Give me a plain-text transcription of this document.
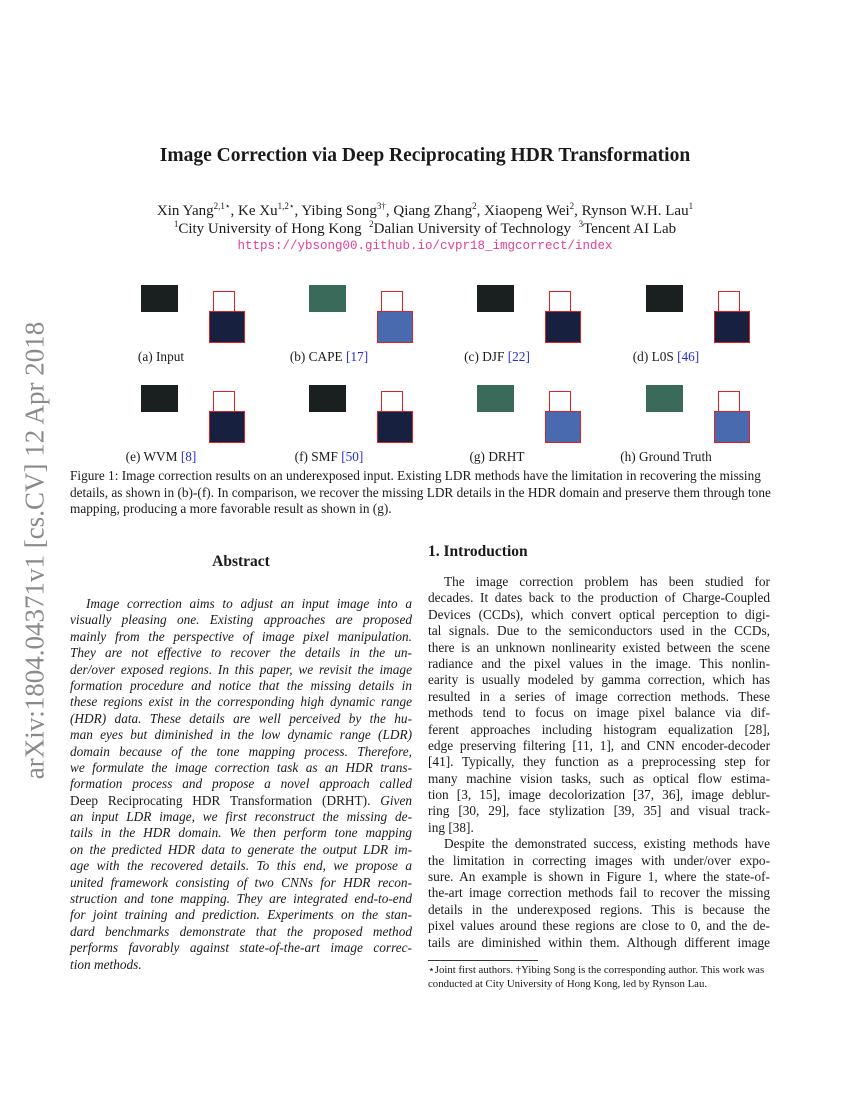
arXiv:1804.04371v1 [cs.CV] 12 Apr 2018
Image Correction via Deep Reciprocating HDR Transformation
Xin Yang$^{2,1⋆}$, Ke $Xu^{1,2⋆}$, Yibing Song$^{3\dagger}$, Qiang Zhang$^2$, Xiaopeng Wei$^2$, Rynson W.H. Lau$^1$
$^1$City University of Hong Kong $^2$Dalian University of Technology $^3$Tencent AI Lab
https://ybsong00.github.io/cvpr18_imgcorrect/index
(a) Input	(b) CAPE [17]	(c) DJF [22]	(d) L0S [46]
(e) WVM [8]	(f) SMF [50]	(g) DRHT	(h) Ground Truth
Figure 1: Image correction results on an underexposed input. Existing LDR methods have the limitation in recovering the missing details, as shown in (b)-(f). In comparison, we recover the missing LDR details in the HDR domain and preserve them through tone mapping, producing a more favorable result as shown in (g).
Abstract
Image correction aims to adjust an input image into a
visually pleasing one. Existing approaches are proposed
mainly from the perspective of image pixel manipulation.
They are not effective to recover the details in the un-
der/over exposed regions. In this paper, we revisit the image
formation procedure and notice that the missing details in
these regions exist in the corresponding high dynamic range
(HDR) data. These details are well perceived by the hu-
man eyes but diminished in the low dynamic range (LDR)
domain because of the tone mapping process. Therefore,
we formulate the image correction task as an HDR trans-
formation process and propose a novel approach called
Deep Reciprocating HDR Transformation (DRHT). Given
an input LDR image, we first reconstruct the missing de-
tails in the HDR domain. We then perform tone mapping
on the predicted HDR data to generate the output LDR im-
age with the recovered details. To this end, we propose a
united framework consisting of two CNNs for HDR recon-
struction and tone mapping. They are integrated end-to-end
for joint training and prediction. Experiments on the stan-
dard benchmarks demonstrate that the proposed method
performs favorably against state-of-the-art image correc-
tion methods.
1. Introduction
The image correction problem has been studied for
decades. It dates back to the production of Charge-Coupled
Devices (CCDs), which convert optical perception to digi-
tal signals. Due to the semiconductors used in the CCDs,
there is an unknown nonlinearity existed between the scene
radiance and the pixel values in the image. This nonlin-
earity is usually modeled by gamma correction, which has
resulted in a series of image correction methods. These
methods tend to focus on image pixel balance via dif-
ferent approaches including histogram equalization [28],
edge preserving filtering [11, 1], and CNN encoder-decoder
[41]. Typically, they function as a preprocessing step for
many machine vision tasks, such as optical flow estima-
tion [3, 15], image decolorization [37, 36], image deblur-
ring [30, 29], face stylization [39, 35] and visual track-
ing [38].
Despite the demonstrated success, existing methods have
the limitation in correcting images with under/over expo-
sure. An example is shown in Figure 1, where the state-of-
the-art image correction methods fail to recover the missing
details in the underexposed regions. This is because the
pixel values around these regions are close to 0, and the de-
tails are diminished within them. Although different image
⋆Joint first authors. †Yibing Song is the corresponding author. This work was conducted at City University of Hong Kong, led by Rynson Lau.
